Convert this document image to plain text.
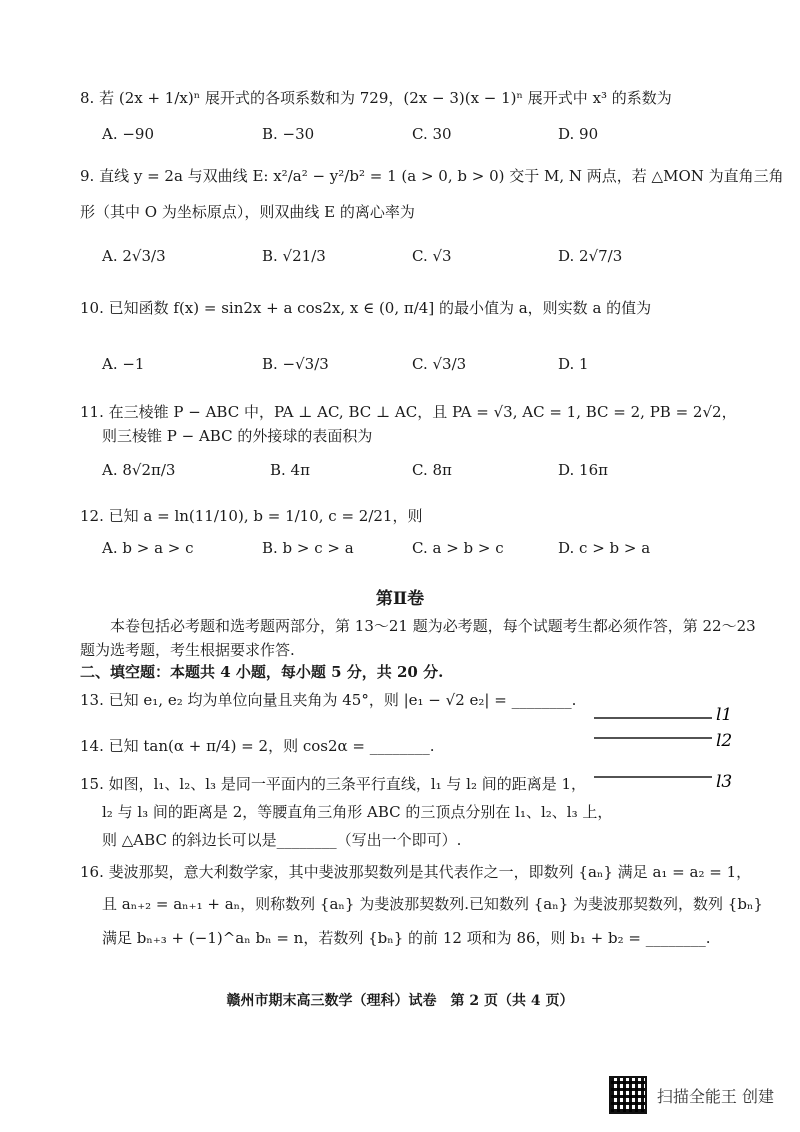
8. 若 (2x + 1/x)ⁿ 展开式的各项系数和为 729，(2x − 3)(x − 1)ⁿ 展开式中 x³ 的系数为
A. −90	B. −30	C. 30	D. 90
9. 直线 y = 2a 与双曲线 E: x²/a² − y²/b² = 1 (a > 0, b > 0) 交于 M, N 两点，若 △MON 为直角三角
形（其中 O 为坐标原点），则双曲线 E 的离心率为
A. 2√3/3	B. √21/3	C. √3	D. 2√7/3
10. 已知函数 f(x) = sin2x + a cos2x, x ∈ (0, π/4] 的最小值为 a，则实数 a 的值为
A. −1	B. −√3/3	C. √3/3	D. 1
11. 在三棱锥 P − ABC 中，PA ⊥ AC, BC ⊥ AC，且 PA = √3, AC = 1, BC = 2, PB = 2√2，
则三棱锥 P − ABC 的外接球的表面积为
A. 8√2π/3	B. 4π	C. 8π	D. 16π
12. 已知 a = ln(11/10), b = 1/10, c = 2/21，则
A. b > a > c	B. b > c > a	C. a > b > c	D. c > b > a
第Ⅱ卷
本卷包括必考题和选考题两部分，第 13～21 题为必考题，每个试题考生都必须作答，第 22～23
题为选考题，考生根据要求作答.
二、填空题：本题共 4 小题，每小题 5 分，共 20 分.
13. 已知 e₁, e₂ 均为单位向量且夹角为 45°，则 |e₁ − √2 e₂| = ________.
14. 已知 tan(α + π/4) = 2，则 cos2α = ________.
l1
l2
l3
15. 如图，l₁、l₂、l₃ 是同一平面内的三条平行直线，l₁ 与 l₂ 间的距离是 1，
l₂ 与 l₃ 间的距离是 2，等腰直角三角形 ABC 的三顶点分别在 l₁、l₂、l₃ 上，
则 △ABC 的斜边长可以是________（写出一个即可）.
16. 斐波那契，意大利数学家，其中斐波那契数列是其代表作之一，即数列 {aₙ} 满足 a₁ = a₂ = 1，
且 aₙ₊₂ = aₙ₊₁ + aₙ，则称数列 {aₙ} 为斐波那契数列.已知数列 {aₙ} 为斐波那契数列，数列 {bₙ}
满足 bₙ₊₃ + (−1)^aₙ bₙ = n，若数列 {bₙ} 的前 12 项和为 86，则 b₁ + b₂ = ________.
赣州市期末高三数学（理科）试卷　第 2 页（共 4 页）
扫描全能王 创建
